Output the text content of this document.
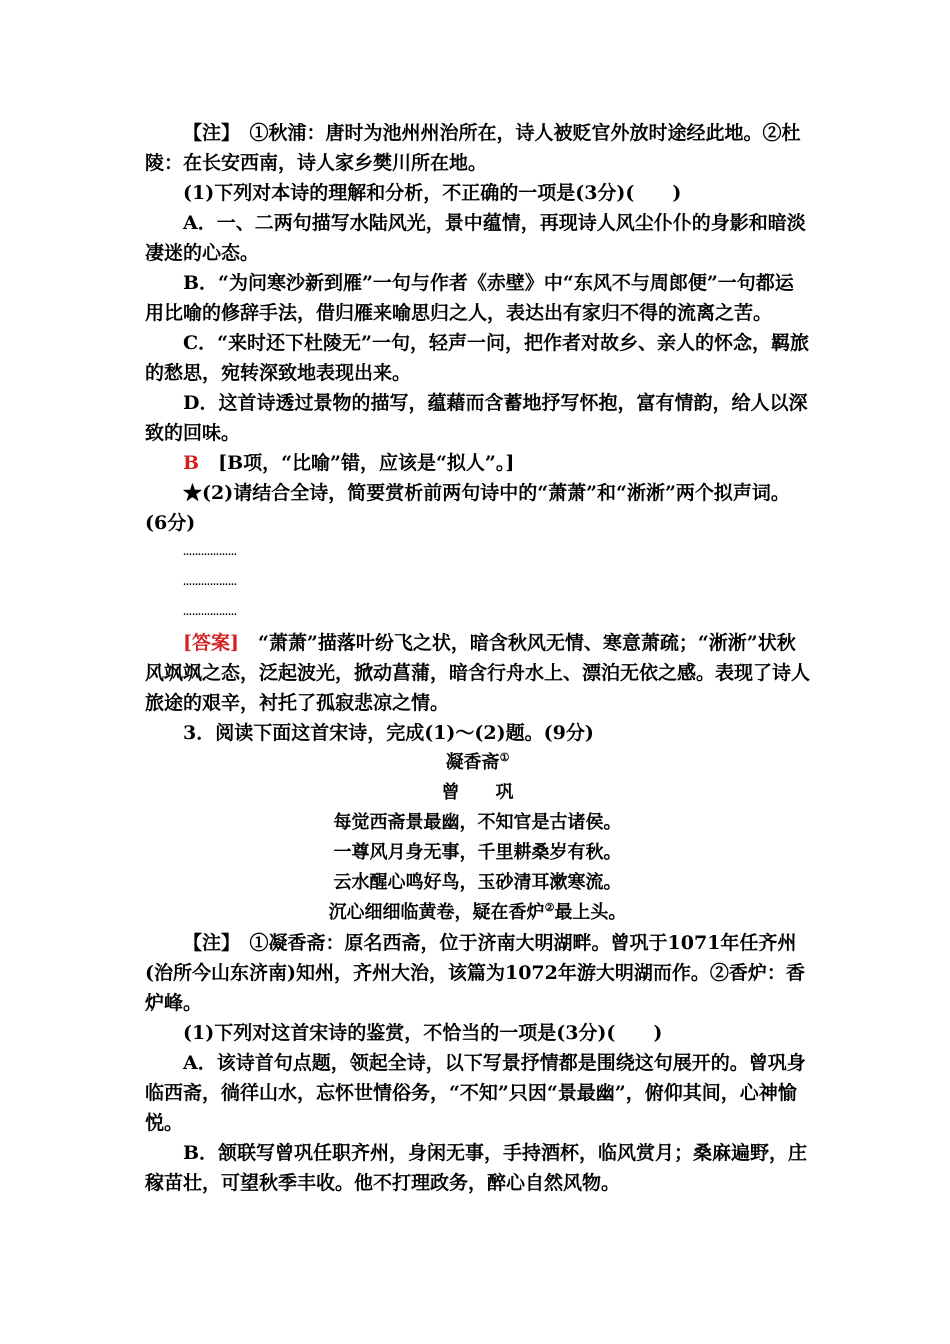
【注】　 ①秋浦：唐时为池州州治所在，诗人被贬官外放时途经此地。②杜陵：在长安西南，诗人家乡樊川所在地。

(1)下列对本诗的理解和分析，不正确的一项是(3分)(　　)

A．一、二两句描写水陆风光，景中蕴情，再现诗人风尘仆仆的身影和暗淡凄迷的心态。

B．“为问寒沙新到雁”一句与作者《赤壁》中“东风不与周郎便”一句都运用比喻的修辞手法，借归雁来喻思归之人，表达出有家归不得的流离之苦。

C．“来时还下杜陵无”一句，轻声一问，把作者对故乡、亲人的怀念，羁旅的愁思，宛转深致地表现出来。

D．这首诗透过景物的描写，蕴藉而含蓄地抒写怀抱，富有情韵，给人以深致的回味。

B　 [B项，“比喻”错，应该是“拟人”。]

★(2)请结合全诗，简要赏析前两句诗中的“萧萧”和“淅淅”两个拟声词。(6分)

………………
………………
………………

[答案]　 “萧萧”描落叶纷飞之状，暗含秋风无情、寒意萧疏；“淅淅”状秋风飒飒之态，泛起波光，掀动菖蒲，暗含行舟水上、漂泊无依之感。表现了诗人旅途的艰辛，衬托了孤寂悲凉之情。

3．阅读下面这首宋诗，完成(1)～(2)题。(9分)

凝香斋①

曾　　 巩

每觉西斋景最幽，不知官是古诸侯。

一尊风月身无事，千里耕桑岁有秋。

云水醒心鸣好鸟，玉砂清耳漱寒流。

沉心细细临黄卷，疑在香炉②最上头。

【注】　 ①凝香斋：原名西斋，位于济南大明湖畔。曾巩于1071年任齐州(治所今山东济南)知州，齐州大治，该篇为1072年游大明湖而作。②香炉：香炉峰。

(1)下列对这首宋诗的鉴赏，不恰当的一项是(3分)(　　)

A．该诗首句点题，领起全诗，以下写景抒情都是围绕这句展开的。曾巩身临西斋，徜徉山水，忘怀世情俗务，“不知”只因“景最幽”，俯仰其间，心神愉悦。

B．颔联写曾巩任职齐州，身闲无事，手持酒杯，临风赏月；桑麻遍野，庄稼苗壮，可望秋季丰收。他不打理政务，醉心自然风物。
